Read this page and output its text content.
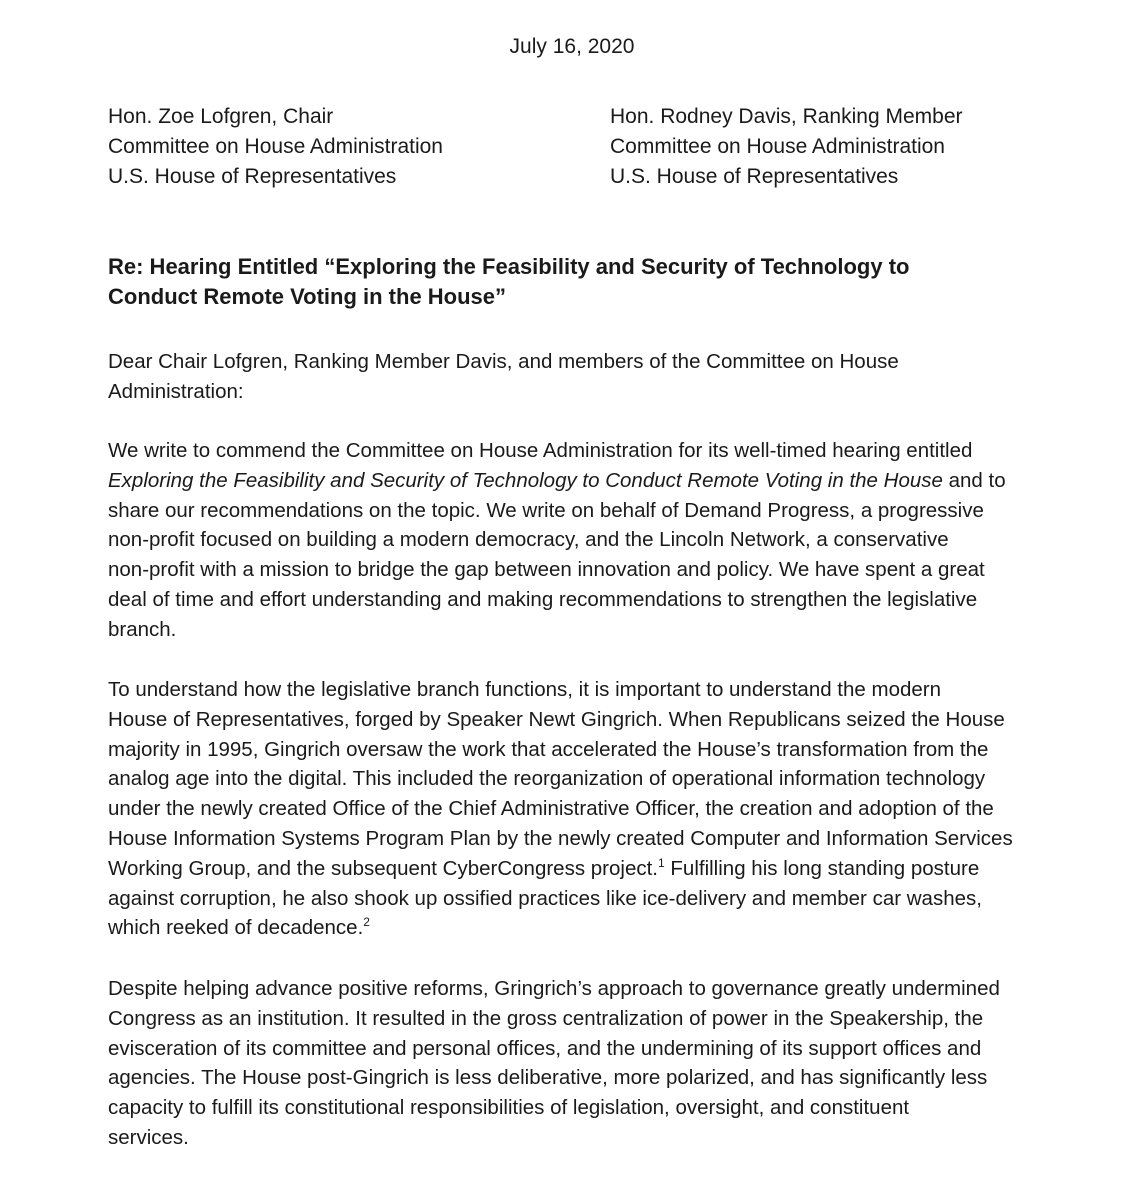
July 16, 2020
Hon. Zoe Lofgren, Chair
Committee on House Administration
U.S. House of Representatives
Hon. Rodney Davis, Ranking Member
Committee on House Administration
U.S. House of Representatives
Re: Hearing Entitled “Exploring the Feasibility and Security of Technology to
Conduct Remote Voting in the House”
Dear Chair Lofgren, Ranking Member Davis, and members of the Committee on House
Administration:
We write to commend the Committee on House Administration for its well-timed hearing entitled
Exploring the Feasibility and Security of Technology to Conduct Remote Voting in the House and to
share our recommendations on the topic. We write on behalf of Demand Progress, a progressive
non-profit focused on building a modern democracy, and the Lincoln Network, a conservative
non-profit with a mission to bridge the gap between innovation and policy. We have spent a great
deal of time and effort understanding and making recommendations to strengthen the legislative
branch.
To understand how the legislative branch functions, it is important to understand the modern
House of Representatives, forged by Speaker Newt Gingrich. When Republicans seized the House
majority in 1995, Gingrich oversaw the work that accelerated the House’s transformation from the
analog age into the digital. This included the reorganization of operational information technology
under the newly created Office of the Chief Administrative Officer, the creation and adoption of the
House Information Systems Program Plan by the newly created Computer and Information Services
Working Group, and the subsequent CyberCongress project.$^1$ Fulfilling his long standing posture
against corruption, he also shook up ossified practices like ice-delivery and member car washes,
which reeked of decadence.$^2$
Despite helping advance positive reforms, Gringrich’s approach to governance greatly undermined
Congress as an institution. It resulted in the gross centralization of power in the Speakership, the
evisceration of its committee and personal offices, and the undermining of its support offices and
agencies. The House post-Gingrich is less deliberative, more polarized, and has significantly less
capacity to fulfill its constitutional responsibilities of legislation, oversight, and constituent
services.
